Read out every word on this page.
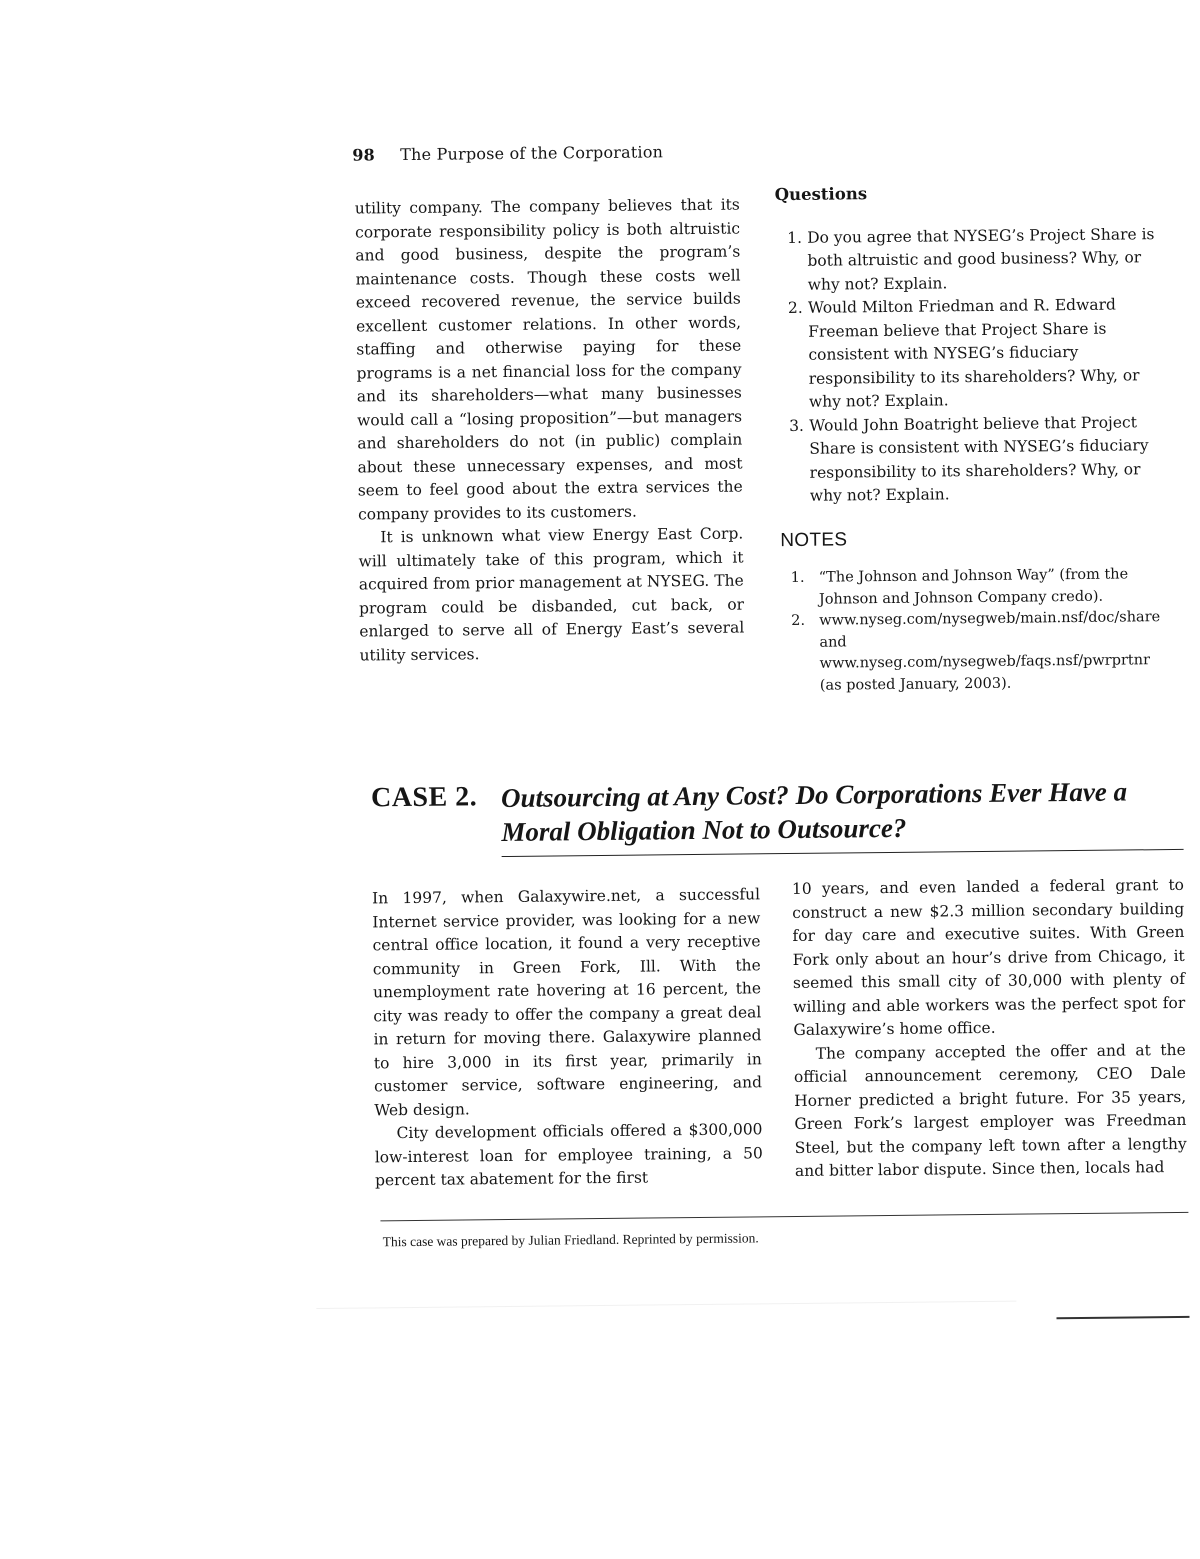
98 The Purpose of the Corporation

utility company. The company believes that its corporate responsibility policy is both altruistic and good business, despite the program’s maintenance costs. Though these costs well exceed recovered revenue, the service builds excellent customer relations. In other words, staffing and otherwise paying for these programs is a net financial loss for the company and its shareholders—what many businesses would call a “losing proposition”—but managers and shareholders do not (in public) complain about these unnecessary expenses, and most seem to feel good about the extra services the company provides to its customers.

It is unknown what view Energy East Corp. will ultimately take of this program, which it acquired from prior management at NYSEG. The program could be disbanded, cut back, or enlarged to serve all of Energy East’s several utility services.

Questions
1. Do you agree that NYSEG’s Project Share is both altruistic and good business? Why, or why not? Explain.
2. Would Milton Friedman and R. Edward Freeman believe that Project Share is consistent with NYSEG’s fiduciary responsibility to its shareholders? Why, or why not? Explain.
3. Would John Boatright believe that Project Share is consistent with NYSEG’s fiduciary responsibility to its shareholders? Why, or why not? Explain.
NOTES
1. “The Johnson and Johnson Way” (from the Johnson and Johnson Company credo).
2. www.nyseg.com/nysegweb/main.nsf/doc/share and www.nyseg.com/nysegweb/faqs.nsf/pwrprtnr (as posted January, 2003).
CASE 2. Outsourcing at Any Cost? Do Corporations Ever Have a Moral Obligation Not to Outsource?

In 1997, when Galaxywire.net, a successful Internet service provider, was looking for a new central office location, it found a very receptive community in Green Fork, Ill. With the unemployment rate hovering at 16 percent, the city was ready to offer the company a great deal in return for moving there. Galaxywire planned to hire 3,000 in its first year, primarily in customer service, software engineering, and Web design.

City development officials offered a $300,000 low-interest loan for employee training, a 50 percent tax abatement for the first

10 years, and even landed a federal grant to construct a new $2.3 million secondary building for day care and executive suites. With Green Fork only about an hour’s drive from Chicago, it seemed this small city of 30,000 with plenty of willing and able workers was the perfect spot for Galaxywire’s home office.

The company accepted the offer and at the official announcement ceremony, CEO Dale Horner predicted a bright future. For 35 years, Green Fork’s largest employer was Freedman Steel, but the company left town after a lengthy and bitter labor dispute. Since then, locals had

This case was prepared by Julian Friedland. Reprinted by permission.
